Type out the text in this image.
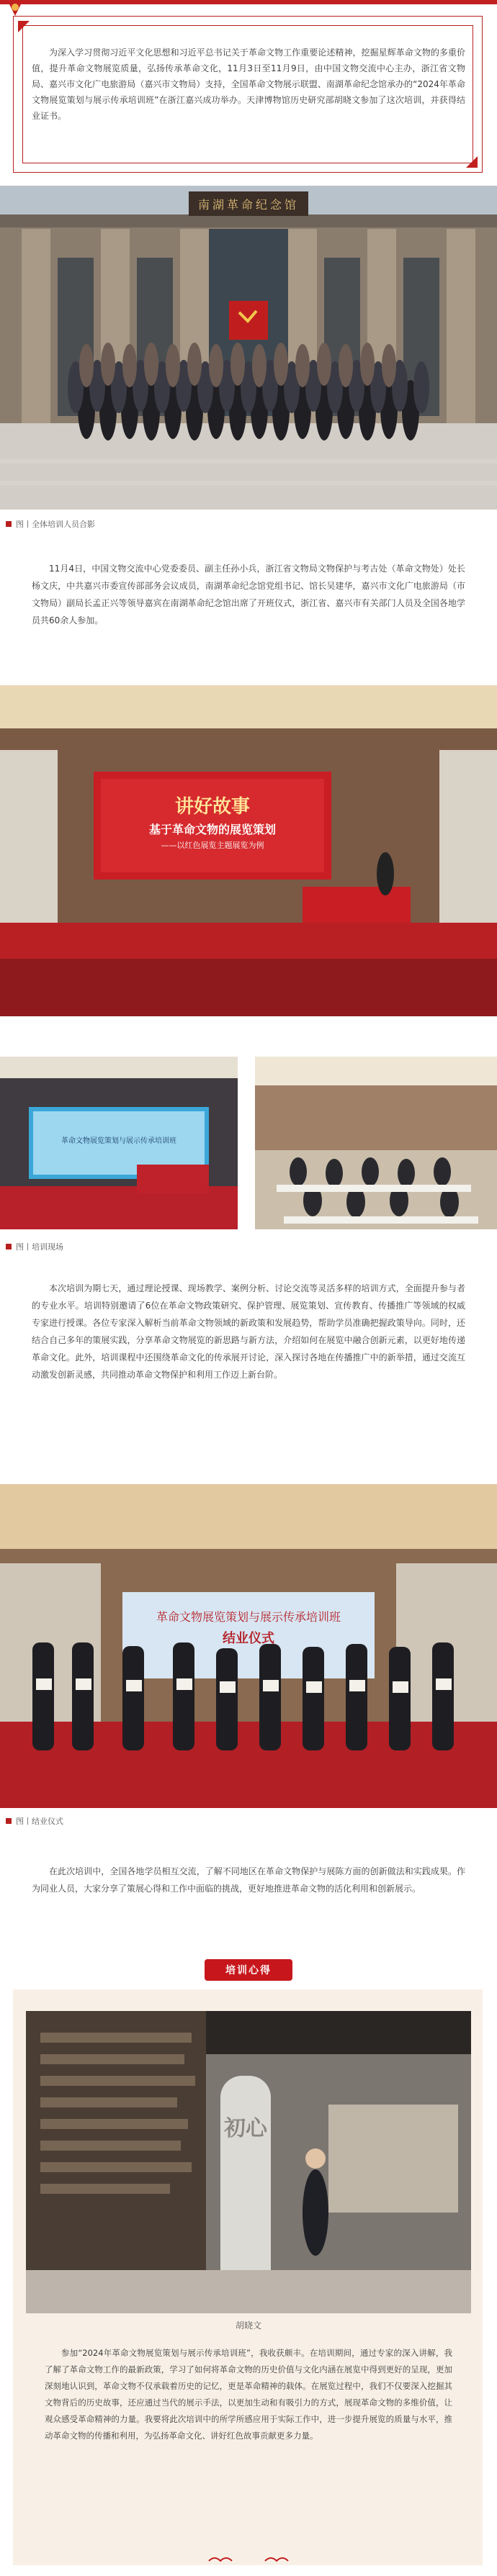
为深入学习贯彻习近平文化思想和习近平总书记关于革命文物工作重要论述精神，挖掘星辉革命文物的多重价值，提升革命文物展览质量，弘扬传承革命文化，11月3日至11月9日，由中国文物交流中心主办，浙江省文物局、嘉兴市文化广电旅游局（嘉兴市文物局）支持，全国革命文物展示联盟、南湖革命纪念馆承办的“2024年革命文物展览策划与展示传承培训班”在浙江嘉兴成功举办。天津博物馆历史研究部胡晓文参加了这次培训，并获得结业证书。
南湖革命纪念馆
图丨全体培训人员合影
11月4日，中国文物交流中心党委委员、副主任孙小兵，浙江省文物局文物保护与考古处（革命文物处）处长杨文庆，中共嘉兴市委宣传部部务会议成员，南湖革命纪念馆党组书记、馆长吴建华，嘉兴市文化广电旅游局（市文物局）副局长孟正兴等领导嘉宾在南湖革命纪念馆出席了开班仪式，浙江省、嘉兴市有关部门人员及全国各地学员共60余人参加。
讲好故事
基于革命文物的展览策划
——以红色展览主题展览为例
革命文物展览策划与展示传承培训班
图丨培训现场
本次培训为期七天，通过理论授课、现场教学、案例分析、讨论交流等灵活多样的培训方式，全面提升参与者的专业水平。培训特别邀请了6位在革命文物政策研究、保护管理、展览策划、宣传教育、传播推广等领域的权威专家进行授课。各位专家深入解析当前革命文物领域的新政策和发展趋势，帮助学员准确把握政策导向。同时，还结合自己多年的策展实践，分享革命文物展览的新思路与新方法，介绍如何在展览中融合创新元素，以更好地传递革命文化。此外，培训课程中还围绕革命文化的传承展开讨论，深入探讨各地在传播推广中的新举措，通过交流互动激发创新灵感，共同推动革命文物保护和利用工作迈上新台阶。
革命文物展览策划与展示传承培训班
结业仪式
图丨结业仪式
在此次培训中，全国各地学员相互交流，了解不同地区在革命文物保护与展陈方面的创新做法和实践成果。作为同业人员，大家分享了策展心得和工作中面临的挑战，更好地推进革命文物的活化利用和创新展示。
培训心得
初心
胡晓文
参加“2024年革命文物展览策划与展示传承培训班”，我收获颇丰。在培训期间，通过专家的深入讲解，我了解了革命文物工作的最新政策，学习了如何将革命文物的历史价值与文化内涵在展览中得到更好的呈现，更加深刻地认识到，革命文物不仅承载着历史的记忆，更是革命精神的载体。在展览过程中，我们不仅要深入挖掘其文物背后的历史故事，还应通过当代的展示手法，以更加生动和有吸引力的方式，展现革命文物的多维价值，让观众感受革命精神的力量。我要将此次培训中的所学所感应用于实际工作中，进一步提升展览的质量与水平，推动革命文物的传播和利用，为弘扬革命文化、讲好红色故事贡献更多力量。
